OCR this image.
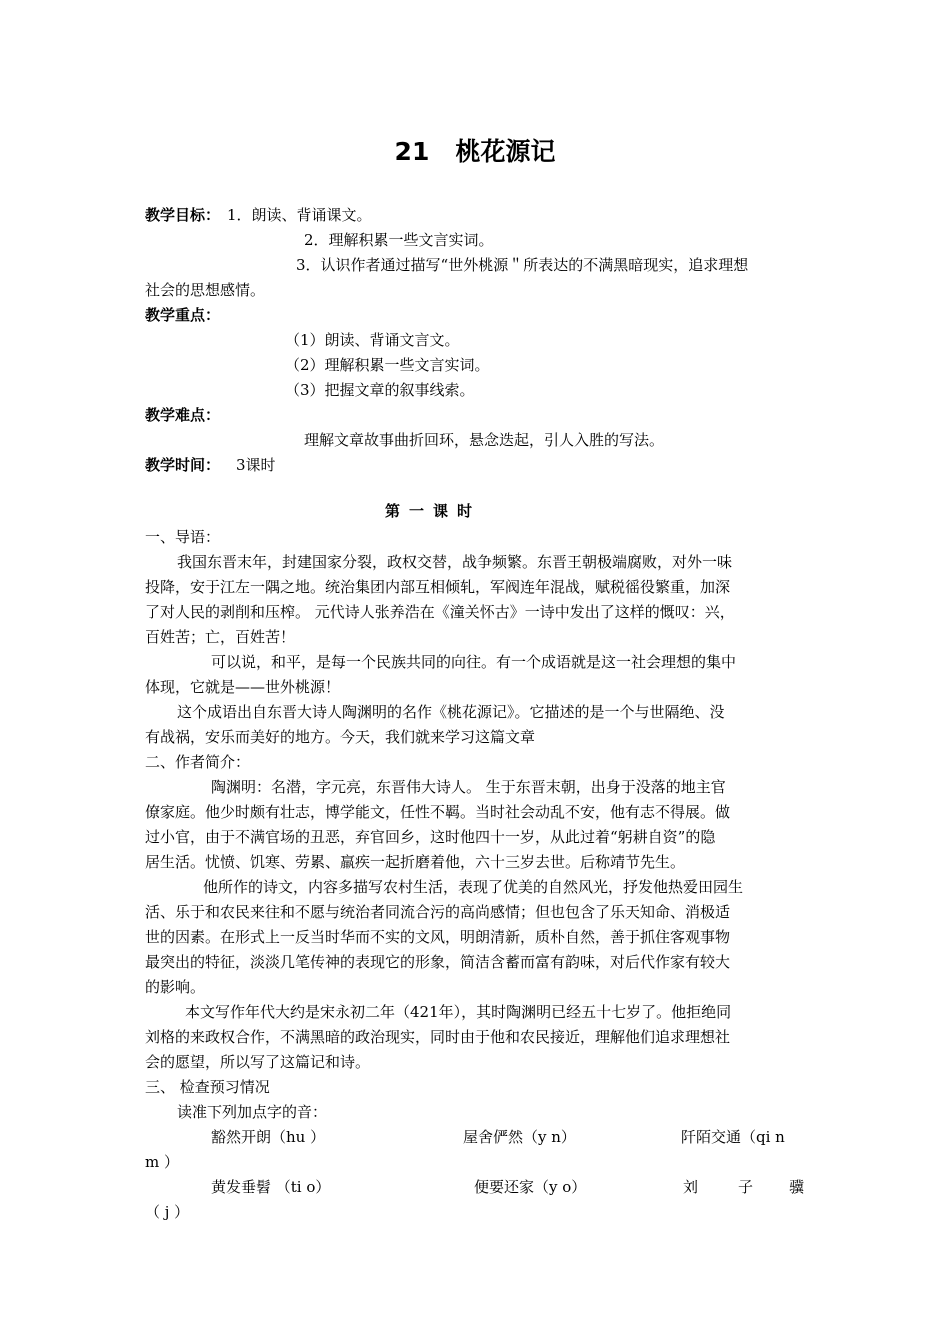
21   桃花源记
教学目标： 1．朗读、背诵课文。
2．理解积累一些文言实词。
3．认识作者通过描写“世外桃源＂所表达的不满黑暗现实，追求理想
社会的思想感情。
教学重点：
（1）朗读、背诵文言文。
（2）理解积累一些文言实词。
（3）把握文章的叙事线索。
教学难点：
理解文章故事曲折回环，悬念迭起，引人入胜的写法。
教学时间： 3课时
第一课时
一、导语：
我国东晋末年，封建国家分裂，政权交替，战争频繁。东晋王朝极端腐败，对外一味
投降，安于江左一隅之地。统治集团内部互相倾轧，军阀连年混战，赋税徭役繁重，加深
了对人民的剥削和压榨。 元代诗人张养浩在《潼关怀古》一诗中发出了这样的慨叹：兴，
百姓苦；亡，百姓苦！
可以说，和平，是每一个民族共同的向往。有一个成语就是这一社会理想的集中
体现，它就是——世外桃源！
这个成语出自东晋大诗人陶渊明的名作《桃花源记》。它描述的是一个与世隔绝、没
有战祸，安乐而美好的地方。今天，我们就来学习这篇文章
二、作者简介：
陶渊明：名潜，字元亮，东晋伟大诗人。 生于东晋末朝，出身于没落的地主官
僚家庭。他少时颇有壮志，博学能文，任性不羁。当时社会动乱不安，他有志不得展。做
过小官，由于不满官场的丑恶，弃官回乡，这时他四十一岁，从此过着“躬耕自资”的隐
居生活。忧愤、饥寒、劳累、羸疾一起折磨着他，六十三岁去世。后称靖节先生。
他所作的诗文，内容多描写农村生活，表现了优美的自然风光，抒发他热爱田园生
活、乐于和农民来往和不愿与统治者同流合污的高尚感情；但也包含了乐天知命、消极适
世的因素。在形式上一反当时华而不实的文风，明朗清新，质朴自然，善于抓住客观事物
最突出的特征，淡淡几笔传神的表现它的形象，简洁含蓄而富有韵味，对后代作家有较大
的影响。
本文写作年代大约是宋永初二年（421年），其时陶渊明已经五十七岁了。他拒绝同
刘格的来政权合作，不满黑暗的政治现实，同时由于他和农民接近，理解他们追求理想社
会的愿望，所以写了这篇记和诗。
三、 检查预习情况
读准下列加点字的音：
豁然开朗（hu ）	屋舍俨然（y n）	阡陌交通（qi n
m ）
黄发垂髫 （ti o）	便要还家（y o）	刘	子 骥
（ j ）
